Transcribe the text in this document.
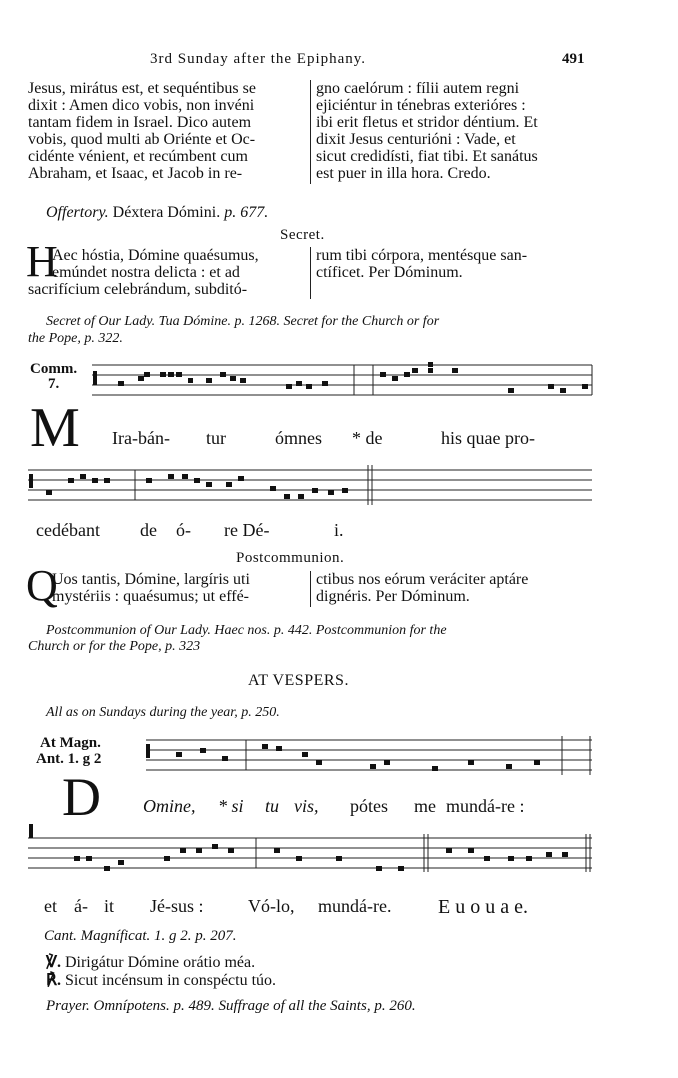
3rd Sunday after the Epiphany.	491
Jesus, mirátus est, et sequéntibus se
dixit : Amen dico vobis, non invéni
tantam fidem in Israel. Dico autem
vobis, quod multi ab Oriénte et Oc-
cidénte vénient, et recúmbent cum
Abraham, et Isaac, et Jacob in re-
gno caelórum : fílii autem regni
ejiciéntur in ténebras exterióres :
ibi erit fletus et stridor déntium. Et
dixit Jesus centurióni : Vade, et
sicut credidísti, fiat tibi. Et sanátus
est puer in illa hora. Credo.
Offertory. Déxtera Dómini. p. 677.
Secret.
H
Aec hóstia, Dómine quaésumus,
emúndet nostra delicta : et ad
sacrifícium celebrándum, subditó-
rum tibi córpora, mentésque san-
ctíficet. Per Dóminum.
Secret of Our Lady. Tua Dómine. p. 1268. Secret for the Church or for
the Pope, p. 322.
Comm.
7.
M Ira-bán- tur	ómnes * de	his quae pro-
cedébant de ó- re Dé-	i.
Postcommunion.
Q
Uos tantis, Dómine, largíris uti
mystériis : quaésumus; ut effé-
ctibus nos eórum veráciter aptáre
dignéris. Per Dóminum.
Postcommunion of Our Lady. Haec nos. p. 442. Postcommunion for the
Church or for the Pope, p. 323
AT VESPERS.
All as on Sundays during the year, p. 250.
At Magn.
Ant. 1. g 2
D Omine, * si tu vis, pótes me mundá-re :
et á- it Jé-sus : Vó-lo, mundá-re. E u o u a e.
Cant. Magníficat. 1. g 2. p. 207.
℣. Dirigátur Dómine orátio méa.
℟. Sicut incénsum in conspéctu túo.
Prayer. Omnípotens. p. 489. Suffrage of all the Saints, p. 260.
